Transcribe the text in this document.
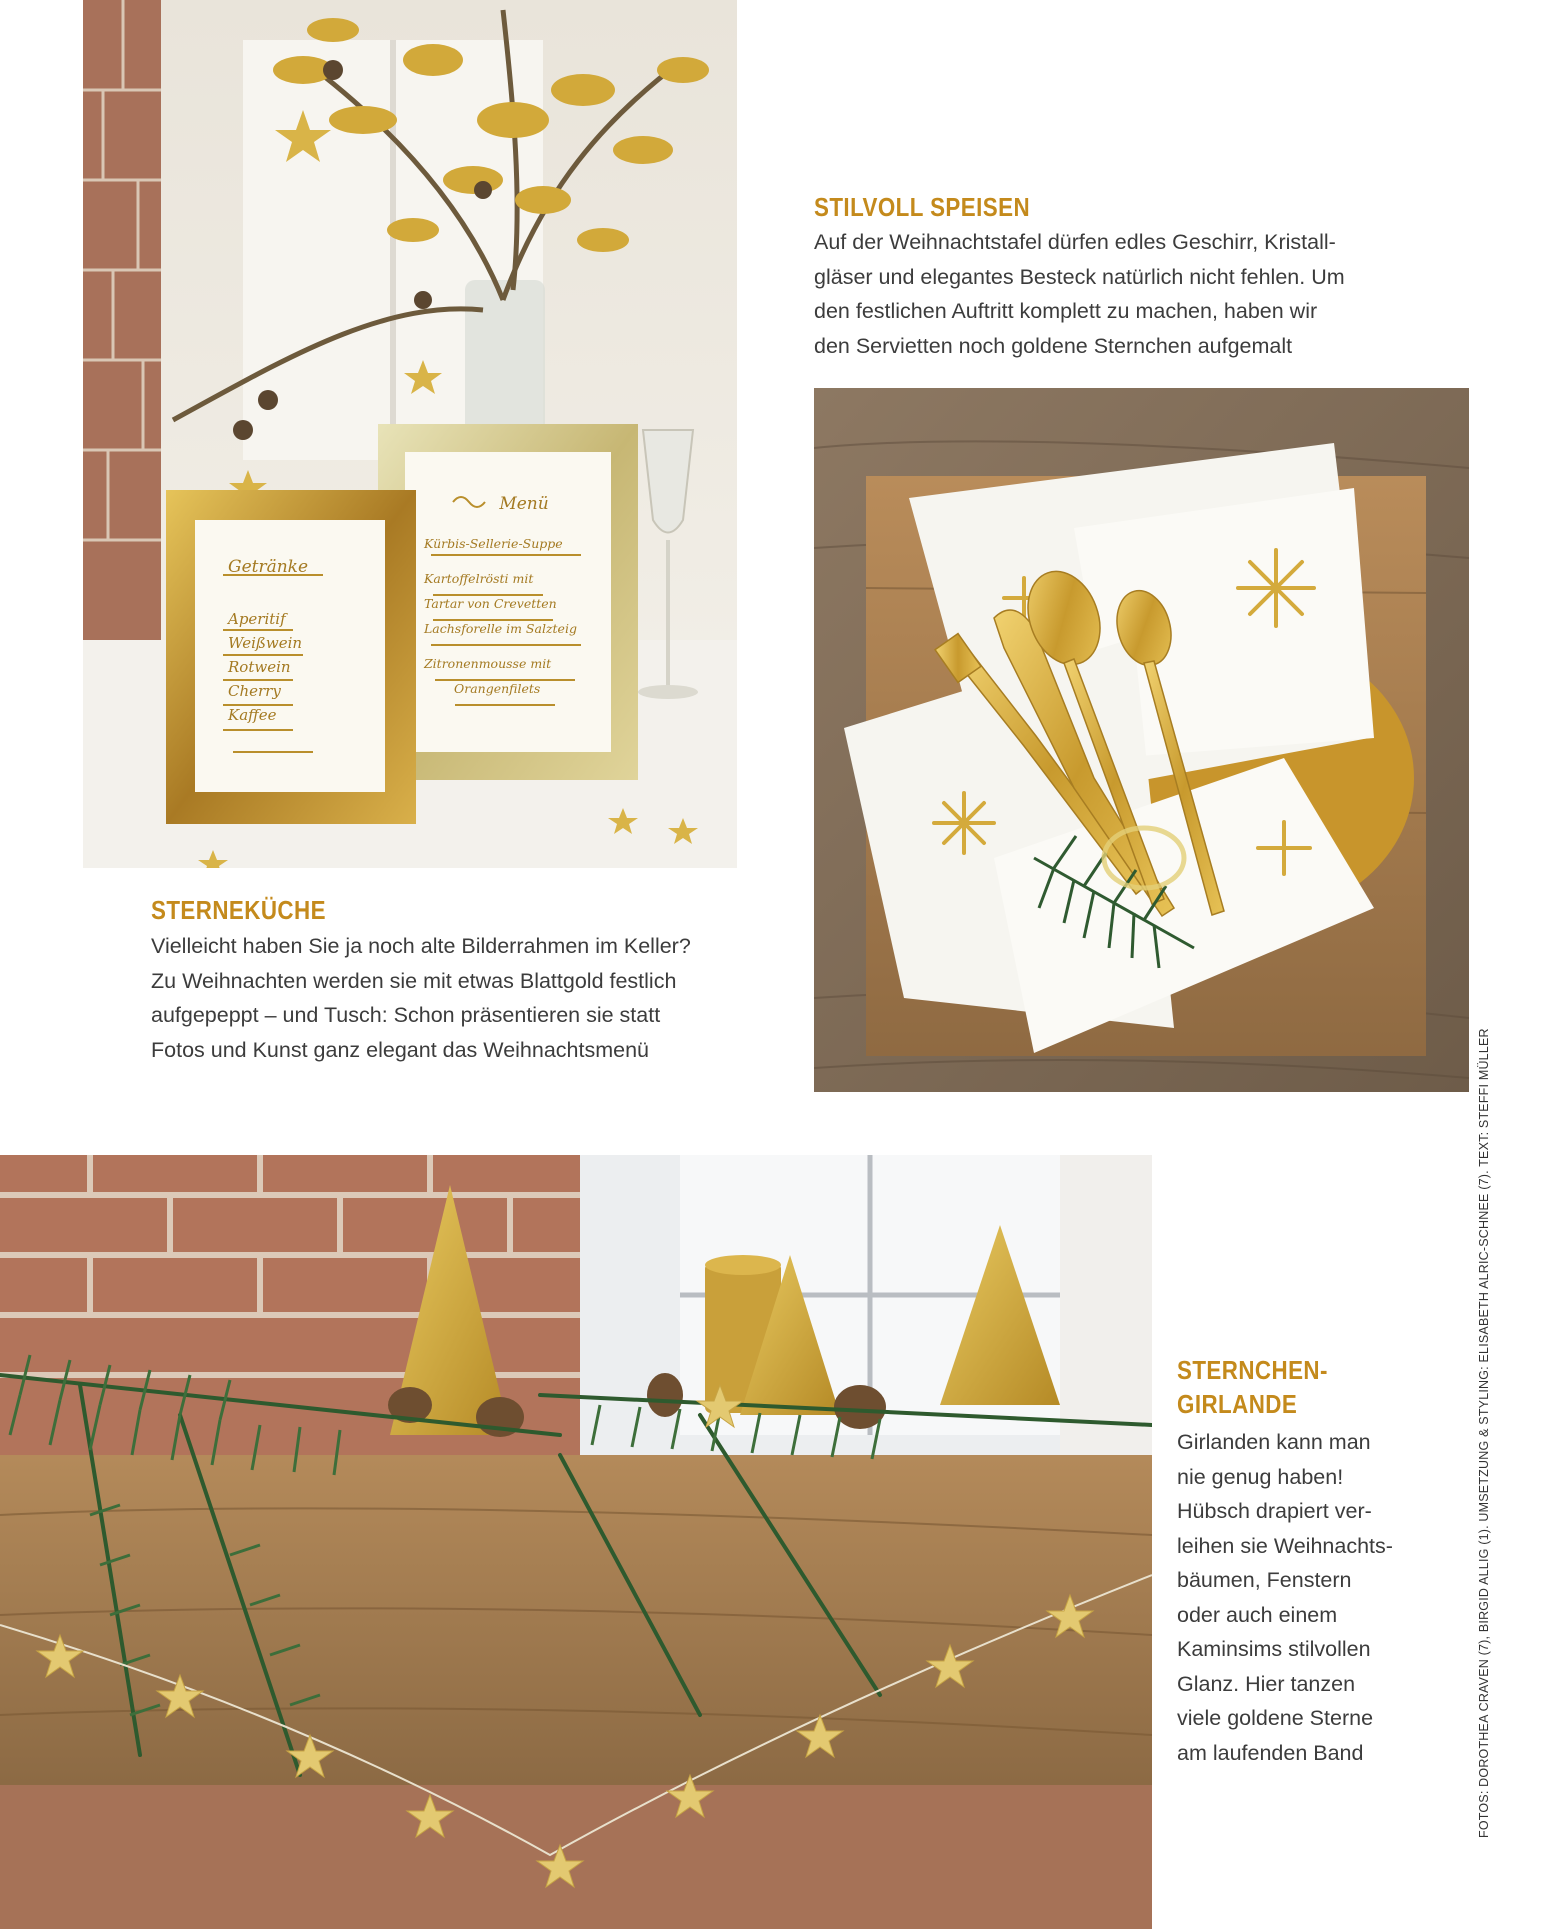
STILVOLL SPEISEN
Auf der Weihnachtstafel dürfen edles Geschirr, Kristall-
gläser und elegantes Besteck natürlich nicht fehlen. Um
den festlichen Auftritt komplett zu machen, haben wir
den Servietten noch goldene Sternchen aufgemalt
STERNEKÜCHE
Vielleicht haben Sie ja noch alte Bilderrahmen im Keller?
Zu Weihnachten werden sie mit etwas Blattgold festlich
aufgepeppt – und Tusch: Schon präsentieren sie statt
Fotos und Kunst ganz elegant das Weihnachtsmenü
STERNCHEN-
GIRLANDE
Girlanden kann man
nie genug haben!
Hübsch drapiert ver-
leihen sie Weihnachts-
bäumen, Fenstern
oder auch einem
Kaminsims stilvollen
Glanz. Hier tanzen
viele goldene Sterne
am laufenden Band
Getränke
Aperitif
Weißwein
Rotwein
Cherry
Kaffee
Menü
Kürbis-Sellerie-Suppe
Kartoffelrösti mit
Tartar von Crevetten
Lachsforelle im Salzteig
Zitronenmousse mit
Orangenfilets
FOTOS: DOROTHEA CRAVEN (7), BIRGID ALLIG (1). UMSETZUNG & STYLING: ELISABETH ALRIC-SCHNEE (7). TEXT: STEFFI MÜLLER
